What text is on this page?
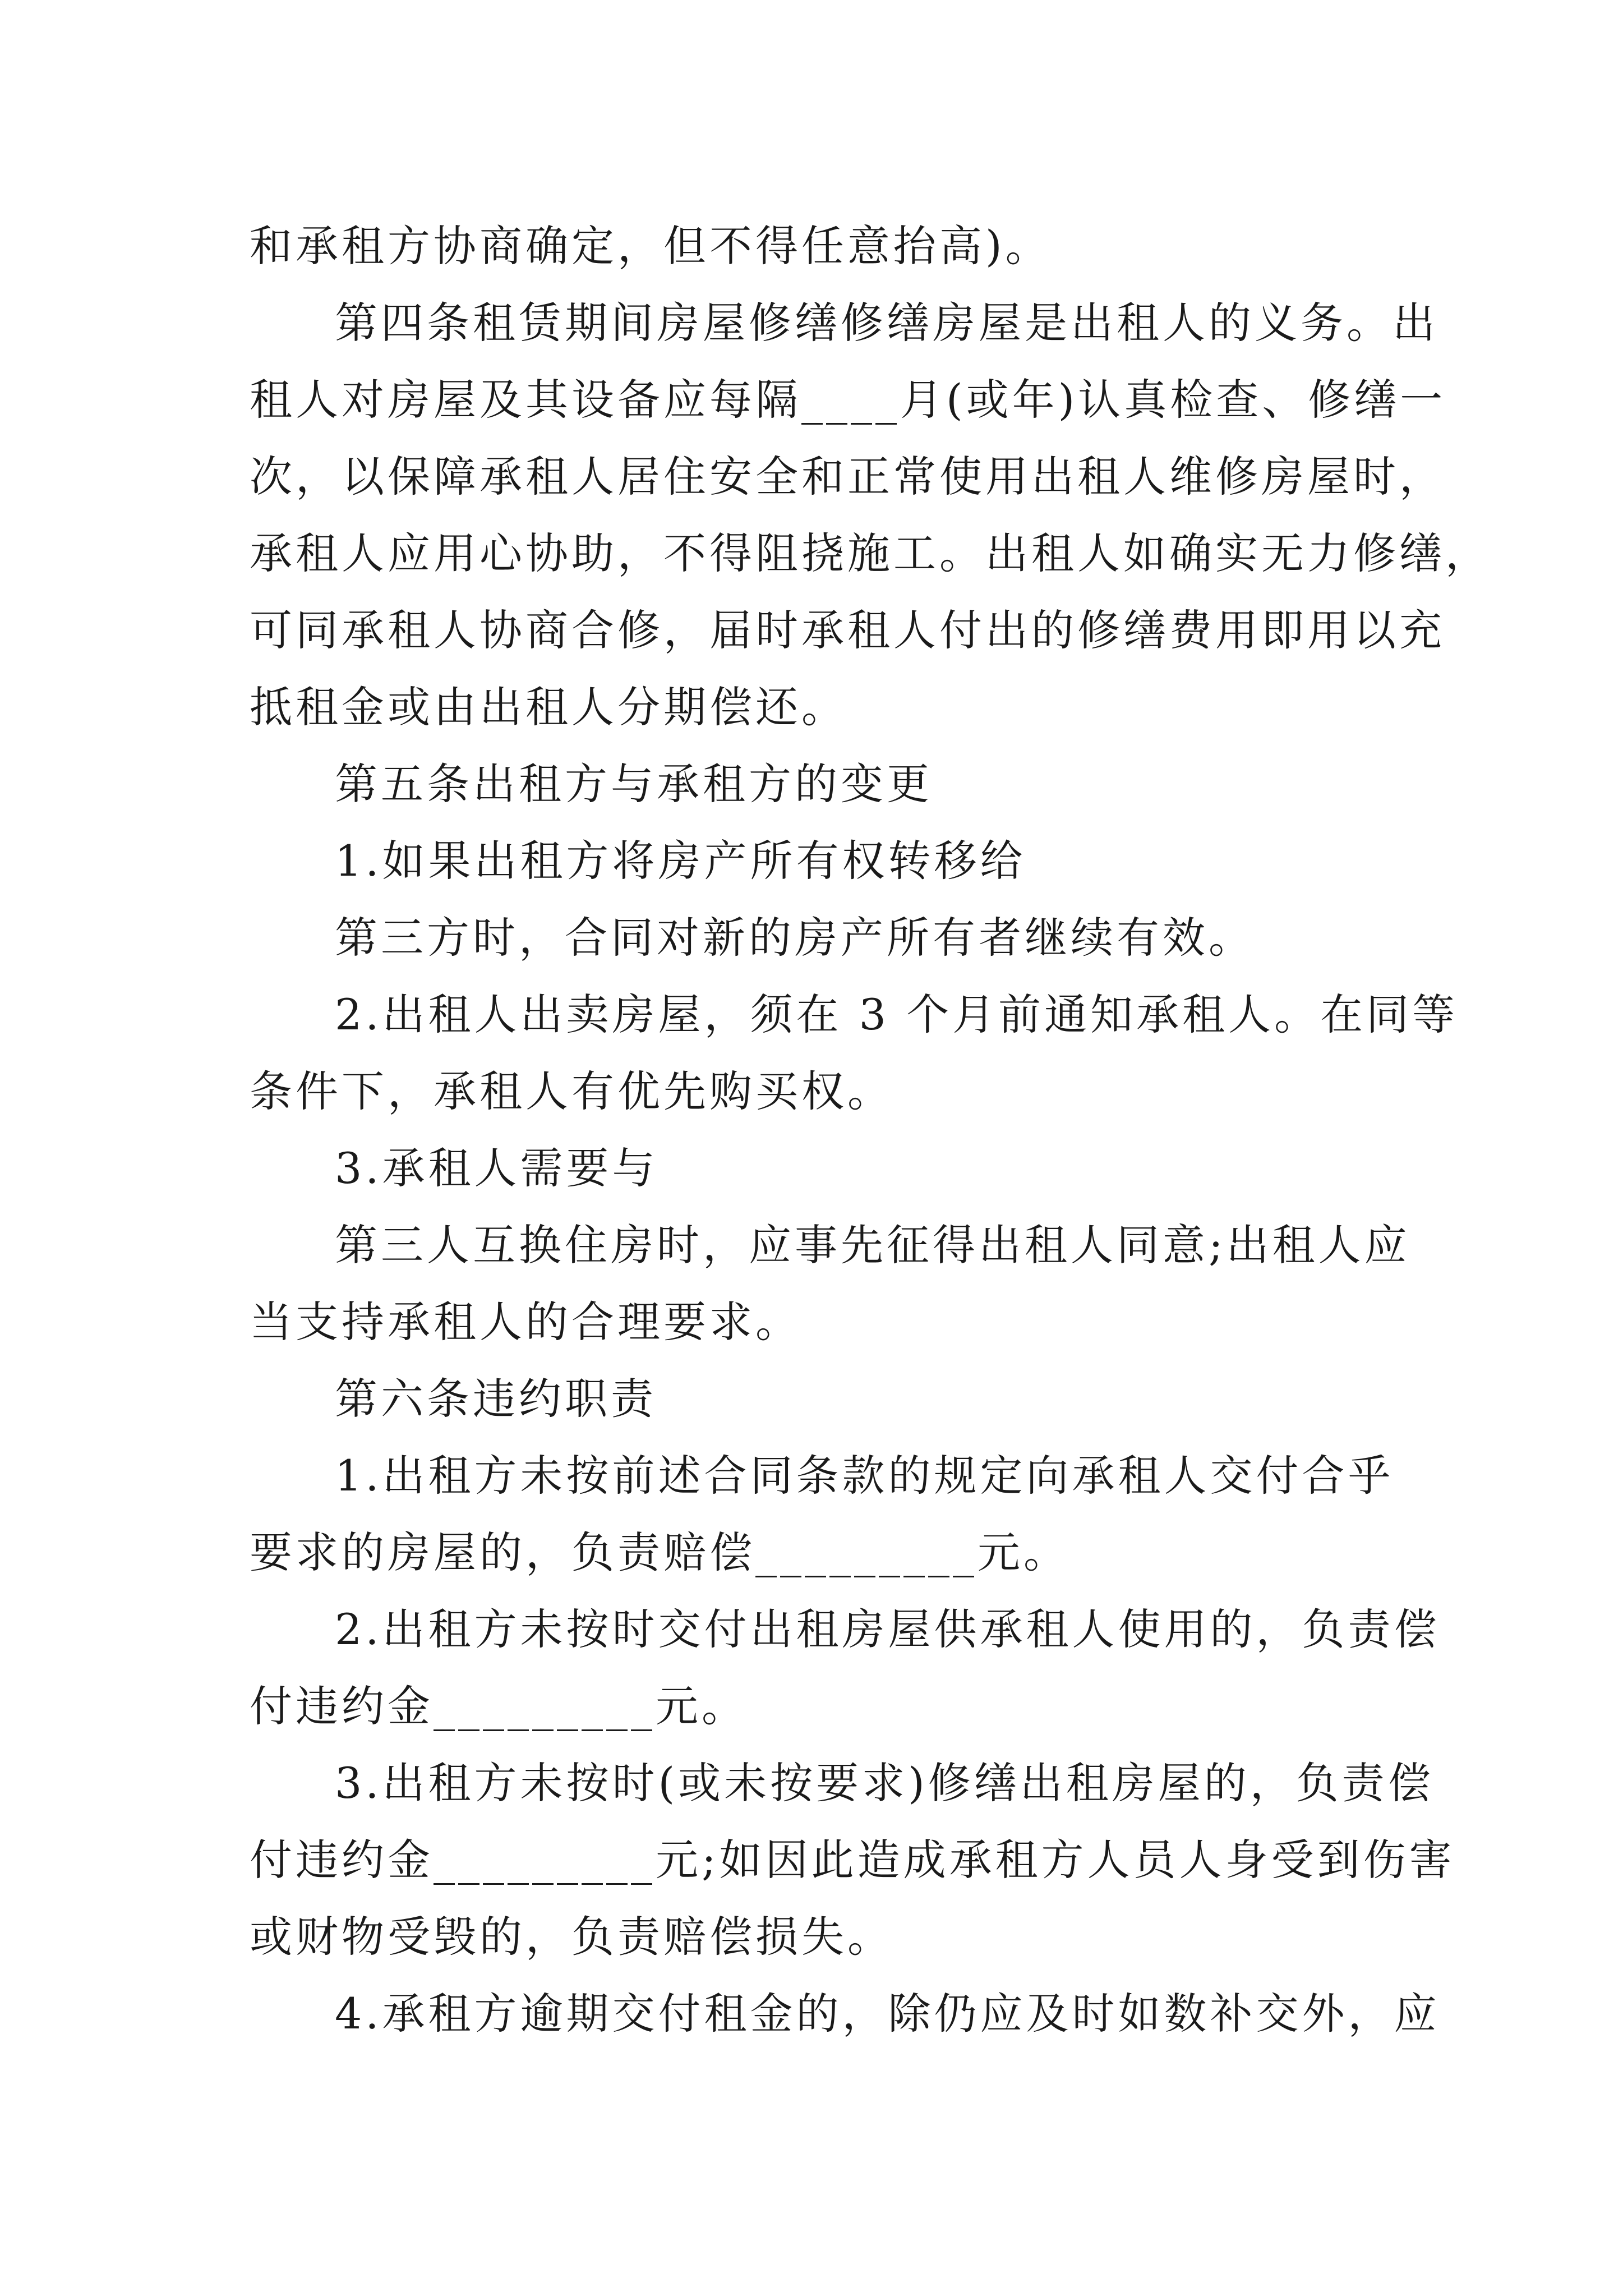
和承租方协商确定，但不得任意抬高)。
第四条租赁期间房屋修缮修缮房屋是出租人的义务。出
租人对房屋及其设备应每隔____月(或年)认真检查、修缮一
次，以保障承租人居住安全和正常使用出租人维修房屋时，
承租人应用心协助，不得阻挠施工。出租人如确实无力修缮，
可同承租人协商合修，届时承租人付出的修缮费用即用以充
抵租金或由出租人分期偿还。
第五条出租方与承租方的变更
1.如果出租方将房产所有权转移给
第三方时，合同对新的房产所有者继续有效。
2.出租人出卖房屋，须在 3 个月前通知承租人。在同等
条件下，承租人有优先购买权。
3.承租人需要与
第三人互换住房时，应事先征得出租人同意;出租人应
当支持承租人的合理要求。
第六条违约职责
1.出租方未按前述合同条款的规定向承租人交付合乎
要求的房屋的，负责赔偿_________元。
2.出租方未按时交付出租房屋供承租人使用的，负责偿
付违约金_________元。
3.出租方未按时(或未按要求)修缮出租房屋的，负责偿
付违约金_________元;如因此造成承租方人员人身受到伤害
或财物受毁的，负责赔偿损失。
4.承租方逾期交付租金的，除仍应及时如数补交外，应
